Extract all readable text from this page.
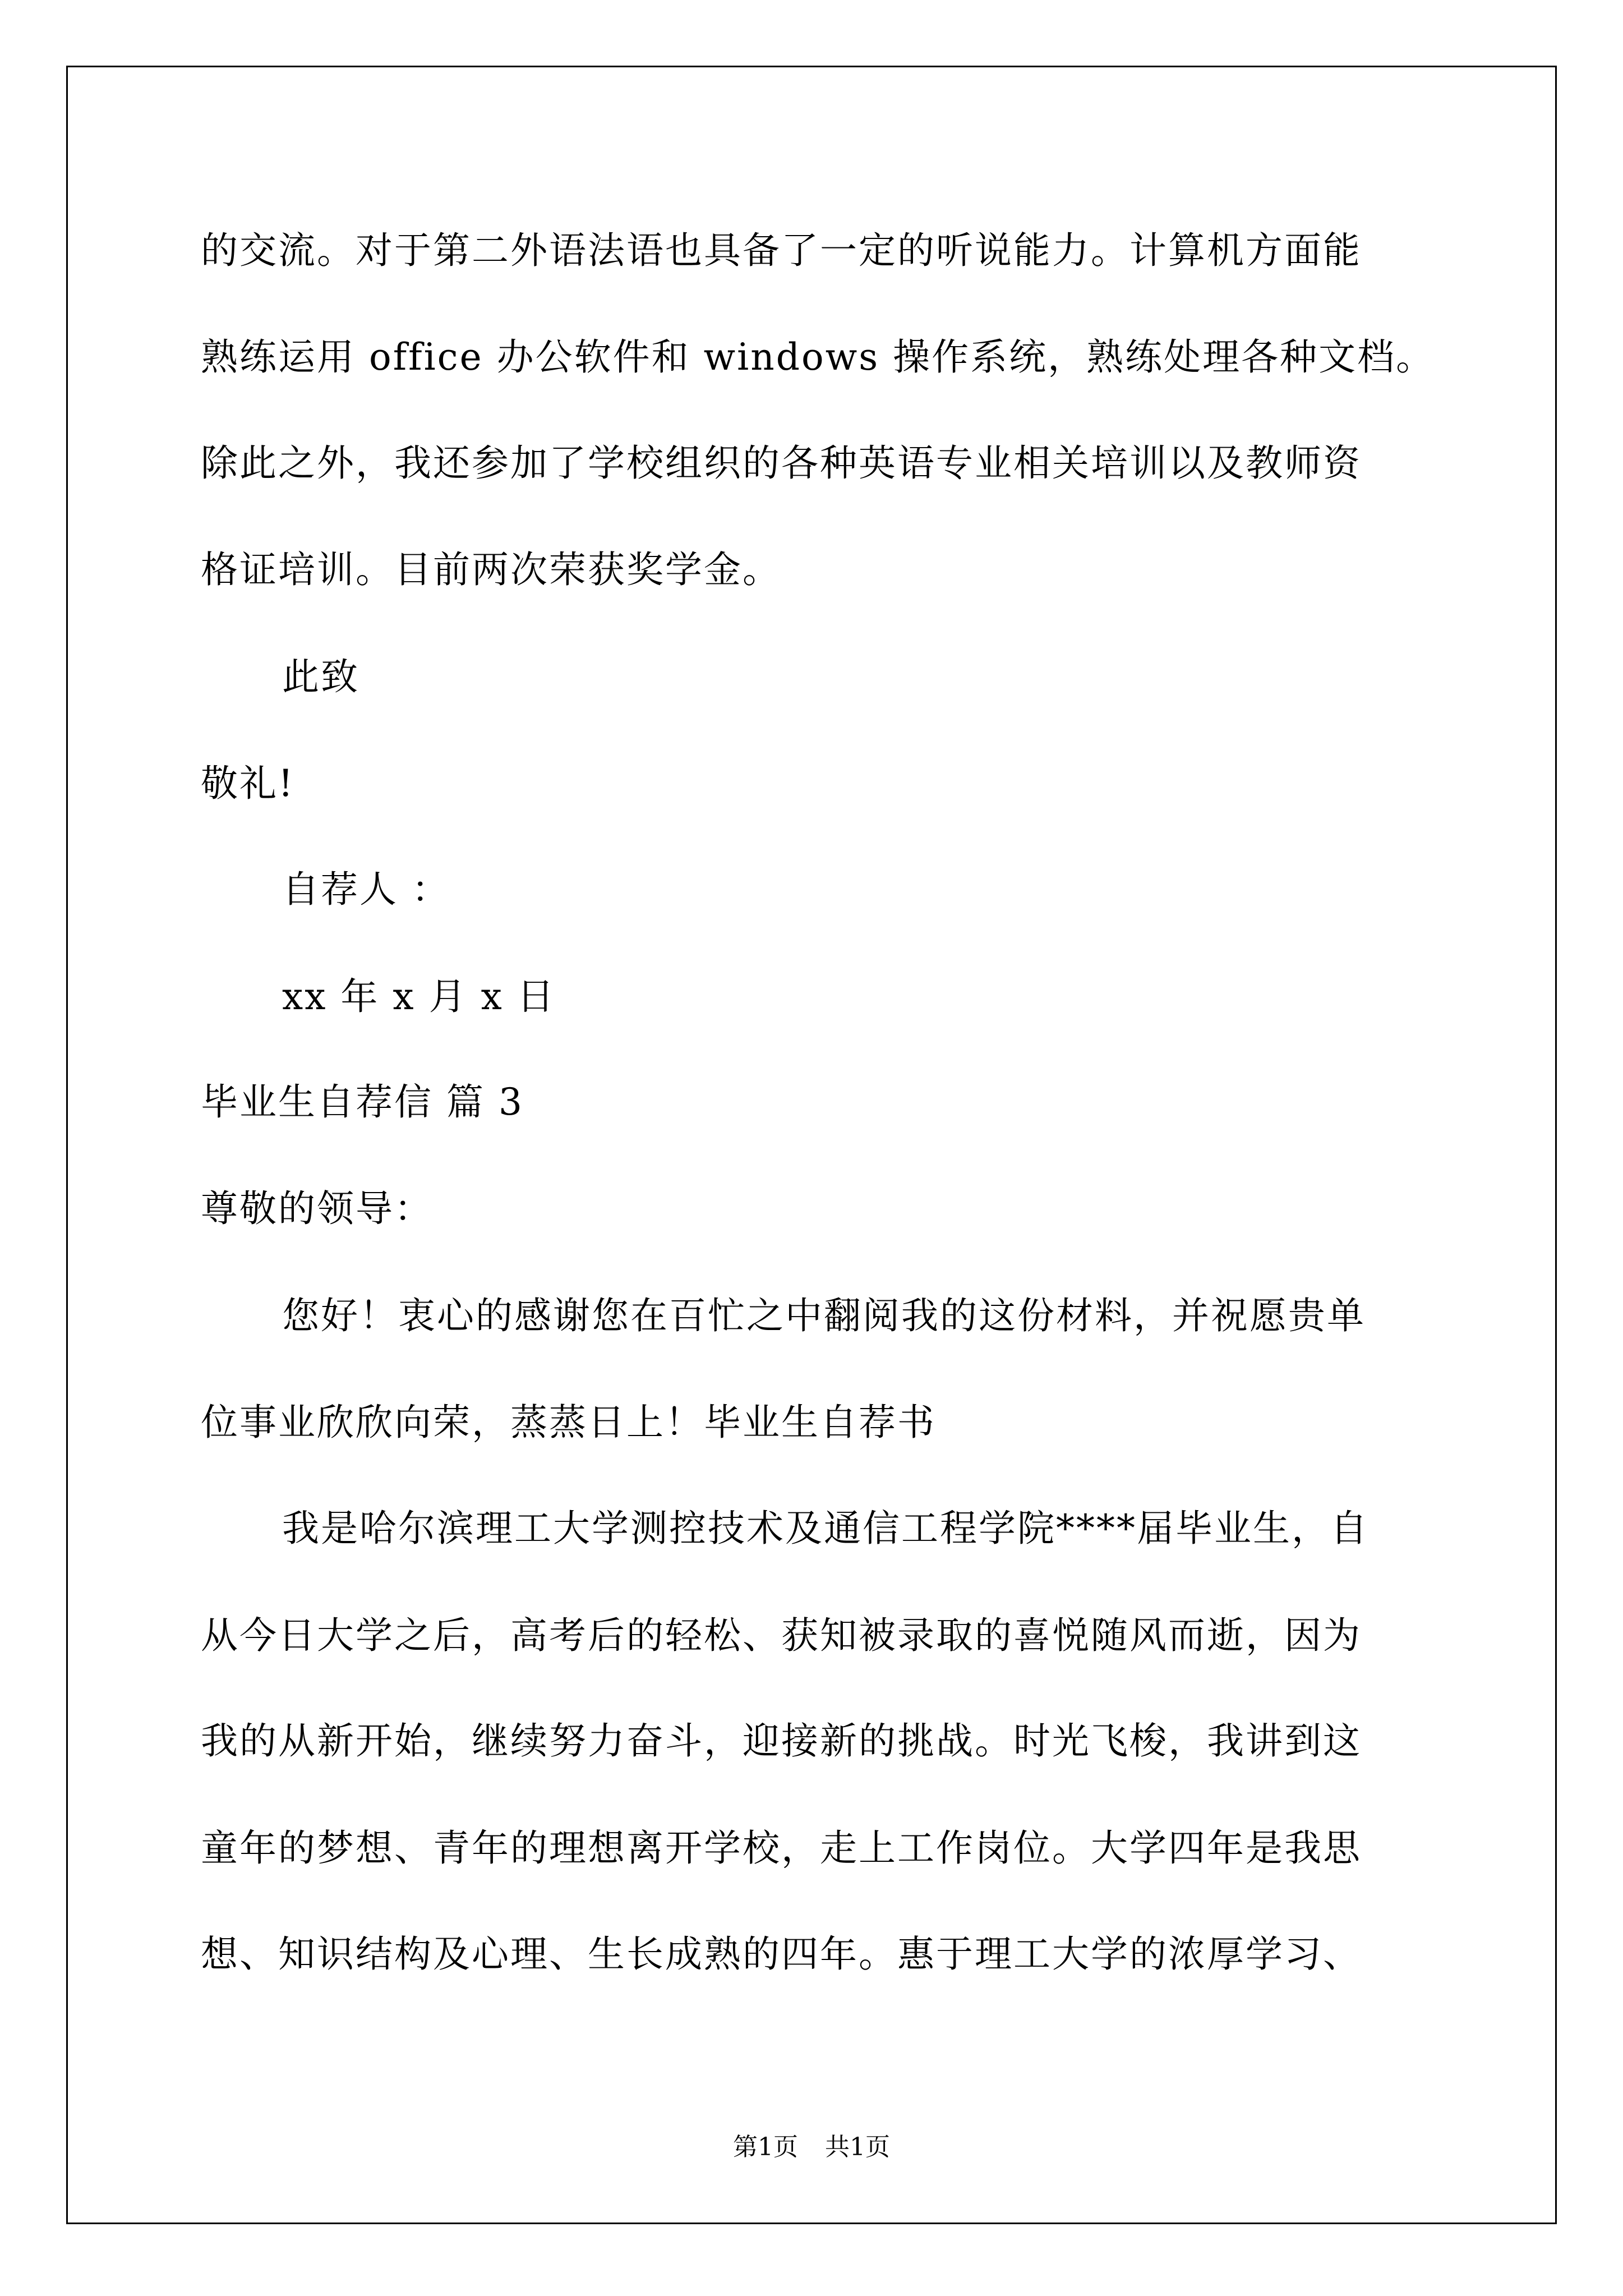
的交流。对于第二外语法语也具备了一定的听说能力。计算机方面能
熟练运用 office 办公软件和 windows 操作系统，熟练处理各种文档。
除此之外，我还参加了学校组织的各种英语专业相关培训以及教师资
格证培训。目前两次荣获奖学金。
此致
敬礼!
自荐人 ：
xx 年 x 月 x 日
毕业生自荐信 篇 3
尊敬的领导：
您好！衷心的感谢您在百忙之中翻阅我的这份材料，并祝愿贵单
位事业欣欣向荣，蒸蒸日上！毕业生自荐书
我是哈尔滨理工大学测控技术及通信工程学院****届毕业生，自
从今日大学之后，高考后的轻松、获知被录取的喜悦随风而逝，因为
我的从新开始，继续努力奋斗，迎接新的挑战。时光飞梭，我讲到这
童年的梦想、青年的理想离开学校，走上工作岗位。大学四年是我思
想、知识结构及心理、生长成熟的四年。惠于理工大学的浓厚学习、
第1页 共1页
